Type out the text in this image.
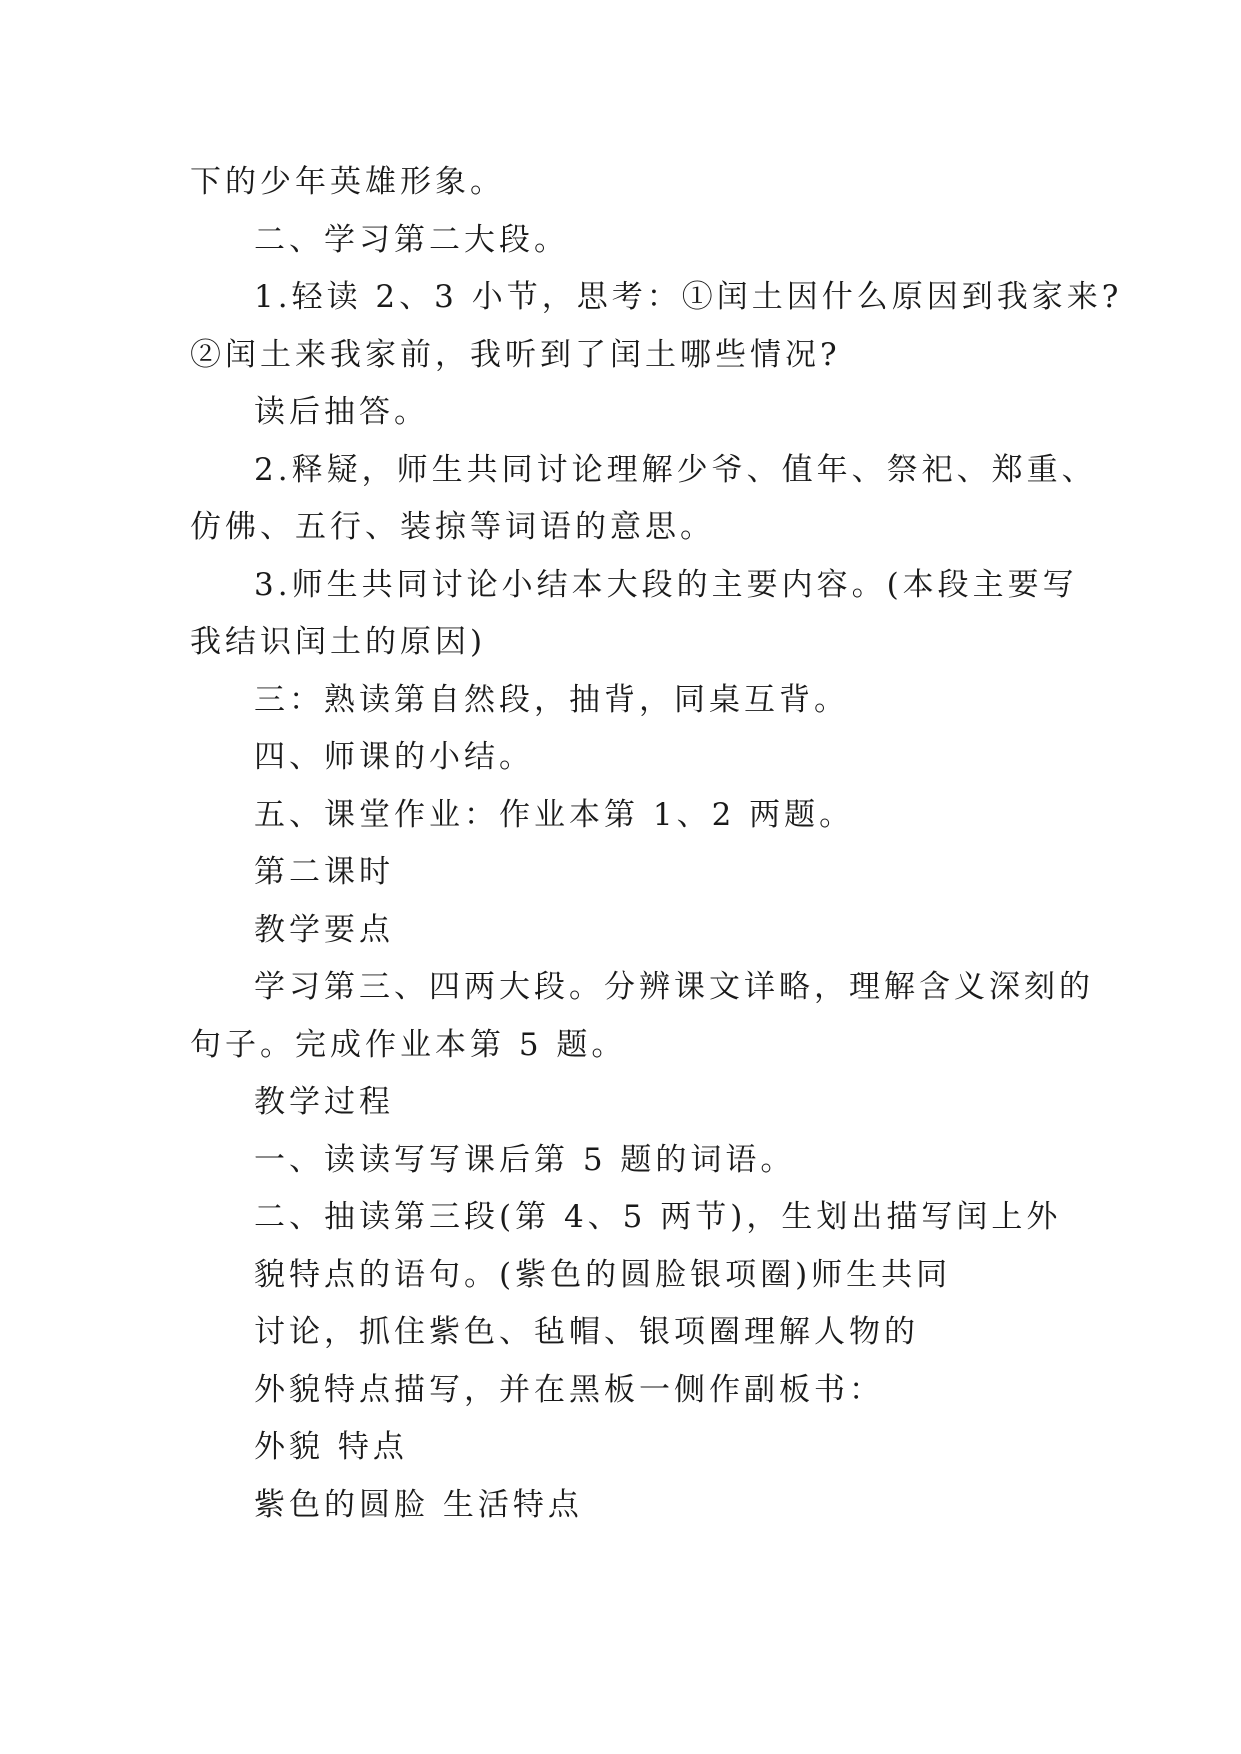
下的少年英雄形象。
二、学习第二大段。
1.轻读 2、3 小节，思考：①闰土因什么原因到我家来?
②闰土来我家前，我听到了闰土哪些情况?
读后抽答。
2.释疑，师生共同讨论理解少爷、值年、祭祀、郑重、
仿佛、五行、装掠等词语的意思。
3.师生共同讨论小结本大段的主要内容。(本段主要写
我结识闰土的原因)
三：熟读第自然段，抽背，同桌互背。
四、师课的小结。
五、课堂作业：作业本第 1、2 两题。
第二课时
教学要点
学习第三、四两大段。分辨课文详略，理解含义深刻的
句子。完成作业本第 5 题。
教学过程
一、读读写写课后第 5 题的词语。
二、抽读第三段(第 4、5 两节)，生划出描写闰上外
貌特点的语句。(紫色的圆脸银项圈)师生共同
讨论，抓住紫色、毡帽、银项圈理解人物的
外貌特点描写，并在黑板一侧作副板书：
外貌 特点
紫色的圆脸 生活特点
